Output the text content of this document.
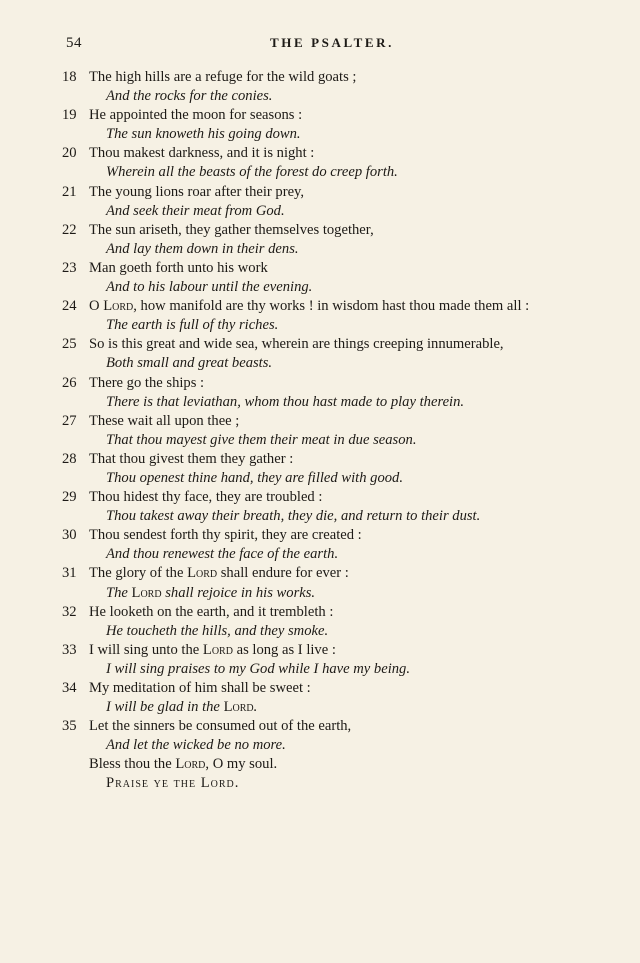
54	THE PSALTER.
18 The high hills are a refuge for the wild goats ;
And the rocks for the conies.
19 He appointed the moon for seasons :
The sun knoweth his going down.
20 Thou makest darkness, and it is night :
Wherein all the beasts of the forest do creep forth.
21 The young lions roar after their prey,
And seek their meat from God.
22 The sun ariseth, they gather themselves together,
And lay them down in their dens.
23 Man goeth forth unto his work
And to his labour until the evening.
24 O Lord, how manifold are thy works ! in wisdom hast thou made them all :
The earth is full of thy riches.
25 So is this great and wide sea, wherein are things creeping innumerable,
Both small and great beasts.
26 There go the ships :
There is that leviathan, whom thou hast made to play therein.
27 These wait all upon thee ;
That thou mayest give them their meat in due season.
28 That thou givest them they gather :
Thou openest thine hand, they are filled with good.
29 Thou hidest thy face, they are troubled :
Thou takest away their breath, they die, and return to their dust.
30 Thou sendest forth thy spirit, they are created :
And thou renewest the face of the earth.
31 The glory of the Lord shall endure for ever :
The Lord shall rejoice in his works.
32 He looketh on the earth, and it trembleth :
He toucheth the hills, and they smoke.
33 I will sing unto the Lord as long as I live :
I will sing praises to my God while I have my being.
34 My meditation of him shall be sweet :
I will be glad in the Lord.
35 Let the sinners be consumed out of the earth,
And let the wicked be no more.
Bless thou the Lord, O my soul.
Praise ye the Lord.
